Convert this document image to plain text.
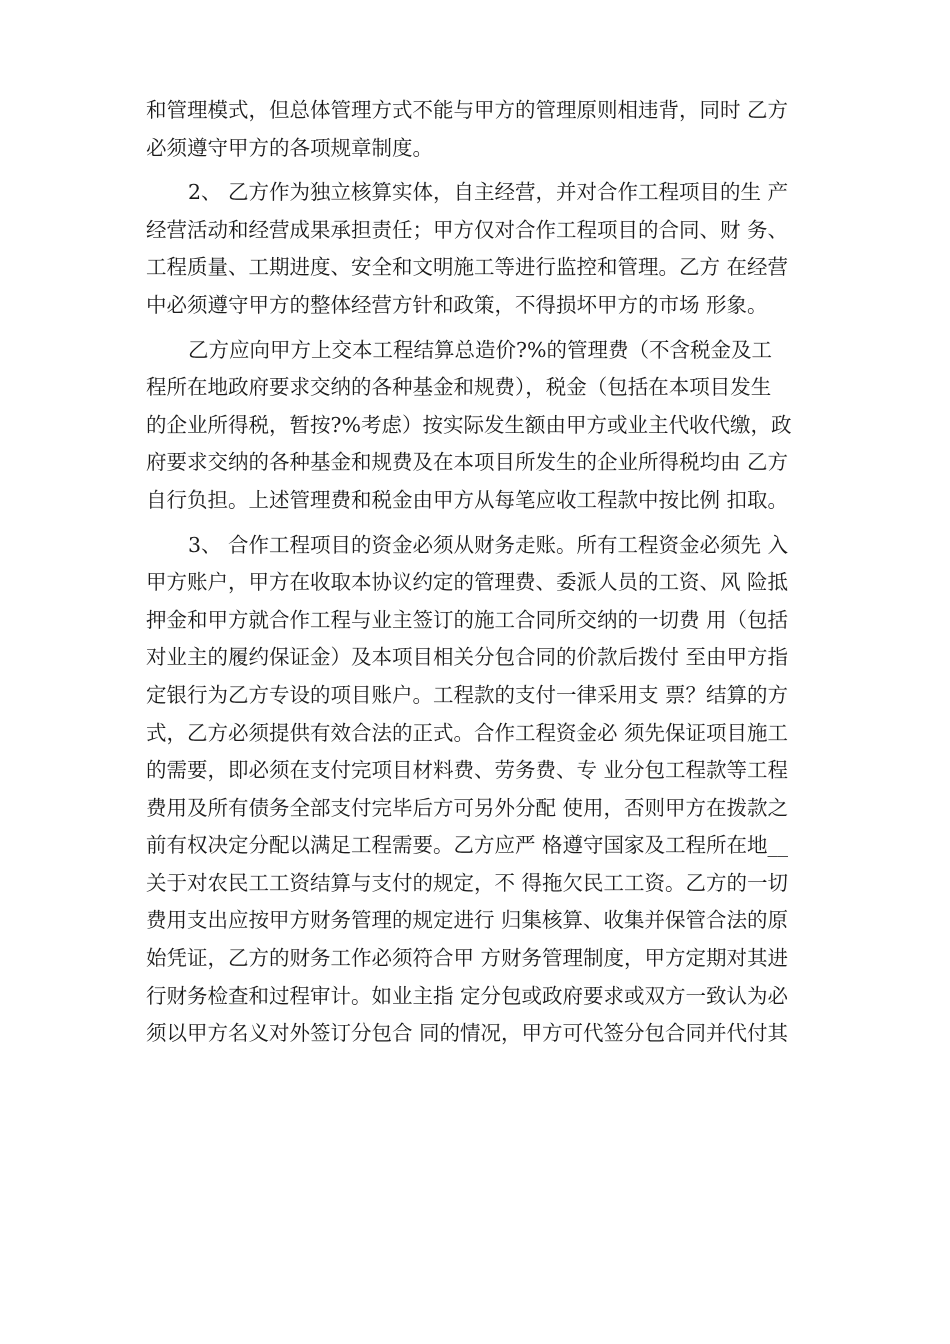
和管理模式，但总体管理方式不能与甲方的管理原则相违背，同时 乙方
必须遵守甲方的各项规章制度。
2、 乙方作为独立核算实体，自主经营，并对合作工程项目的生 产
经营活动和经营成果承担责任；甲方仅对合作工程项目的合同、财 务、
工程质量、工期进度、安全和文明施工等进行监控和管理。乙方 在经营
中必须遵守甲方的整体经营方针和政策，不得损坏甲方的市场 形象。
乙方应向甲方上交本工程结算总造价?%的管理费（不含税金及工
程所在地政府要求交纳的各种基金和规费），税金（包括在本项目发生
的企业所得税，暂按?%考虑）按实际发生额由甲方或业主代收代缴，政
府要求交纳的各种基金和规费及在本项目所发生的企业所得税均由 乙方
自行负担。上述管理费和税金由甲方从每笔应收工程款中按比例 扣取。
3、 合作工程项目的资金必须从财务走账。所有工程资金必须先 入
甲方账户，甲方在收取本协议约定的管理费、委派人员的工资、风 险抵
押金和甲方就合作工程与业主签订的施工合同所交纳的一切费 用（包括
对业主的履约保证金）及本项目相关分包合同的价款后拨付 至由甲方指
定银行为乙方专设的项目账户。工程款的支付一律采用支 票？结算的方
式，乙方必须提供有效合法的正式。合作工程资金必 须先保证项目施工
的需要，即必须在支付完项目材料费、劳务费、专 业分包工程款等工程
费用及所有债务全部支付完毕后方可另外分配 使用，否则甲方在拨款之
前有权决定分配以满足工程需要。乙方应严 格遵守国家及工程所在地__
关于对农民工工资结算与支付的规定，不 得拖欠民工工资。乙方的一切
费用支出应按甲方财务管理的规定进行 归集核算、收集并保管合法的原
始凭证，乙方的财务工作必须符合甲 方财务管理制度，甲方定期对其进
行财务检查和过程审计。如业主指 定分包或政府要求或双方一致认为必
须以甲方名义对外签订分包合 同的情况，甲方可代签分包合同并代付其
